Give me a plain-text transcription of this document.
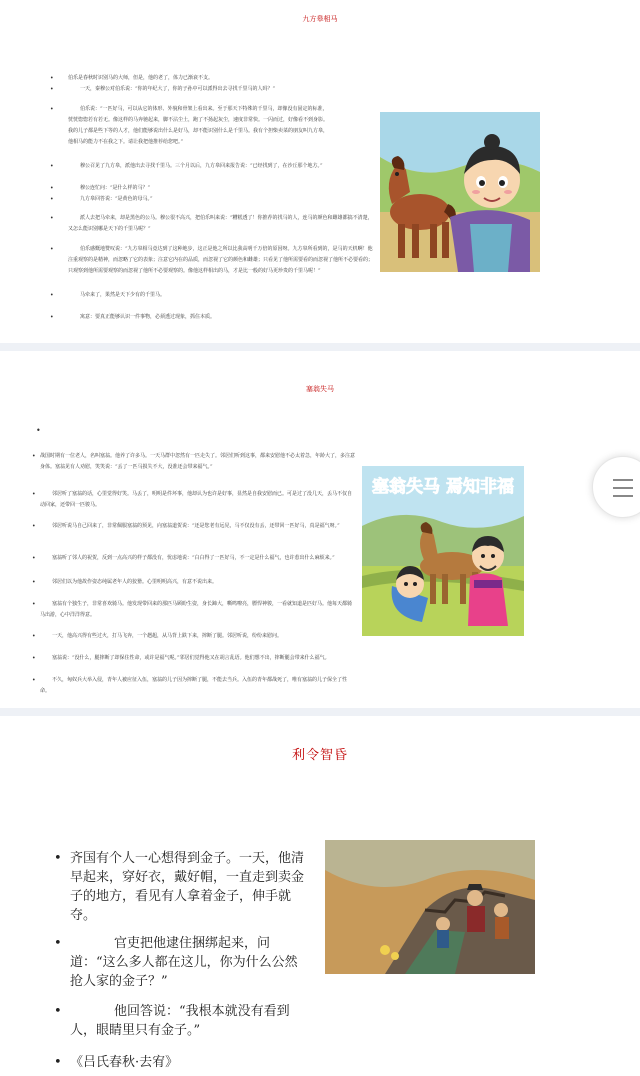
九方皋相马
•	伯乐是春秋时识别马的大师，但是，他的老了，体力已渐衰不支。
•	一天，秦穆公对伯乐说：“你的年纪大了，你的子孙中可以派得出去寻找千里马的人吗？”
•	伯乐说：“一匹好马，可以从它的体形、外貌和骨架上看出来。至于那天下特殊的千里马，却像没有固定的标准，恍恍惚惚若有若无。像这样的马奔驰起来，脚不沾尘土，跑了不扬起灰尘，速度非常快。一闪而过，好像看不到身影。我的儿子都是些下等的人才，他们能够说出什么是好马，却不能识别什么是千里马。我有个担柴卖菜的朋友叫九方皋，他相马的能力不在我之下。请让我把他推荐给您吧。”
•	穆公召见了九方皋，派他出去寻找千里马。三个月以后，九方皋回来报告说：“已经找到了，在沙丘那个地方。”
•	穆公连忙问：“是什么样的马？”
•	九方皋回答说：“是黄色的母马。”
•	派人去把马牵来，却是黑色的公马。穆公很不高兴，把伯乐叫来说：“糟糕透了！你推荐的找马的人，连马的颜色和雌雄都搞不清楚，又怎么能识别哪是天下的千里马呢？”
•	伯乐感慨地赞叹说：“九方皋相马竟达到了这种地步，这正是他之所以比我高明千万倍的原因呀。九方皋所看到的，是马的天机啊！他注重观察的是精神，而忽略了它的表象；注意它内在的品质，而忽视了它的颜色和雌雄；只看见了他所需要看的而忽视了他所不必要看的；只观察到他所需要观察的而忽视了他所不必要观察的。像他这样相出的马，才是比一般的好马更珍贵的千里马呢！”
•	马牵来了，果然是天下少有的千里马。
•	寓意：要真正能够认识一件事物，必须透过现象，抓住本质。
塞翁失马
•
• 战国时期有一位老人，名叫塞翁。他养了许多马。一天马群中忽然有一匹走失了。邻居们听到这事，都来安慰他不必太着急，年龄大了，多注意身体。塞翁见有人劝慰，笑笑说：“丢了一匹马损失不大，没准还会带来福气。”
•	邻居听了塞翁的话，心里觉得好笑。马丢了，明明是件坏事，他却认为也许是好事，显然是自我安慰而已。可是过了没几天，丢马不仅自动回家，还带回一匹骏马。
•	邻居听说马自己回来了，非常佩服塞翁的预见，向塞翁道贺说：“还是您老有远见，马不仅没有丢，还带回一匹好马，真是福气呀。”
•	塞翁听了邻人的祝贺，反到一点高兴的样子都没有，忧虑地说：“白白得了一匹好马，不一定是什么福气，也许惹出什么麻烦来。”
•	邻居们以为他故作姿态纯属老年人的狡猾。心里明明高兴，有意不说出来。
•	塞翁有个独生子，非常喜欢骑马。他发现带回来的那匹马顾盼生姿，身长蹄大，嘶鸣嘹亮，膘悍神骏，一看就知道是匹好马。他每天都骑马出游，心中洋洋得意。
•	一天，他高兴得有些过火，打马飞奔，一个趔趄，从马背上跌下来，摔断了腿。邻居听说，纷纷来慰问。
•	塞翁说：“没什么，腿摔断了却保住性命，或许是福气呢。”邻居们觉得他又在胡言乱语。他们想不出，摔断腿会带来什么福气。
•	不久，匈奴兵大举入侵，青年人被应征入伍，塞翁的儿子因为摔断了腿，不能去当兵。入伍的青年都战死了，唯有塞翁的儿子保全了性命。
塞翁失马 焉知非福
利令智昏
• 齐国有个人一心想得到金子。一天，他清早起来，穿好衣，戴好帽，一直走到卖金子的地方，看见有人拿着金子，伸手就夺。
•	官吏把他逮住捆绑起来，问道：“这么多人都在这儿，你为什么公然抢人家的金子？”
•	他回答说：“我根本就没有看到人，眼睛里只有金子。”
• 《吕氏春秋·去宥》
